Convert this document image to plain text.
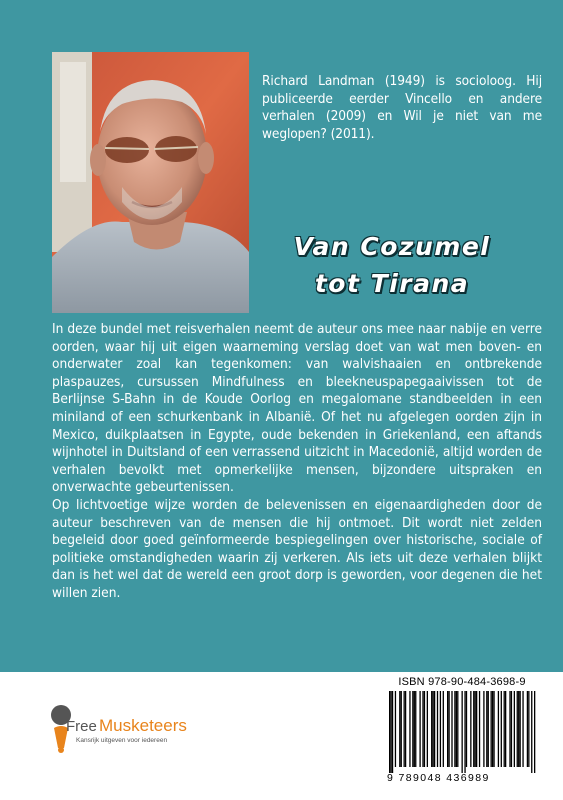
Richard Landman (1949) is socioloog. Hij publiceerde eerder Vincello en andere verhalen (2009) en Wil je niet van me weglopen? (2011).
Van Cozumel
tot Tirana

In deze bundel met reisverhalen neemt de auteur ons mee naar nabije en verre oorden, waar hij uit eigen waarneming verslag doet van wat men boven- en onderwater zoal kan tegenkomen: van walvishaaien en ontbrekende plaspauzes, cursussen Mindfulness en bleekneuspapegaaivissen tot de Berlijnse S-Bahn in de Koude Oorlog en megalomane standbeelden in een miniland of een schurkenbank in Albanië. Of het nu afgelegen oorden zijn in Mexico, duikplaatsen in Egypte, oude bekenden in Griekenland, een aftands wijnhotel in Duitsland of een verrassend uitzicht in Macedonië, altijd worden de verhalen bevolkt met opmerkelijke mensen, bijzondere uitspraken en onverwachte gebeurtenissen.

Op lichtvoetige wijze worden de belevenissen en eigenaardigheden door de auteur beschreven van de mensen die hij ontmoet. Dit wordt niet zelden begeleid door goed geïnformeerde bespiegelingen over historische, sociale of politieke omstandigheden waarin zij verkeren. Als iets uit deze verhalen blijkt dan is het wel dat de wereld een groot dorp is geworden, voor degenen die het willen zien.

Free Musketeers
Kansrijk uitgeven voor iedereen
ISBN 978-90-484-3698-9
9 789048 436989
